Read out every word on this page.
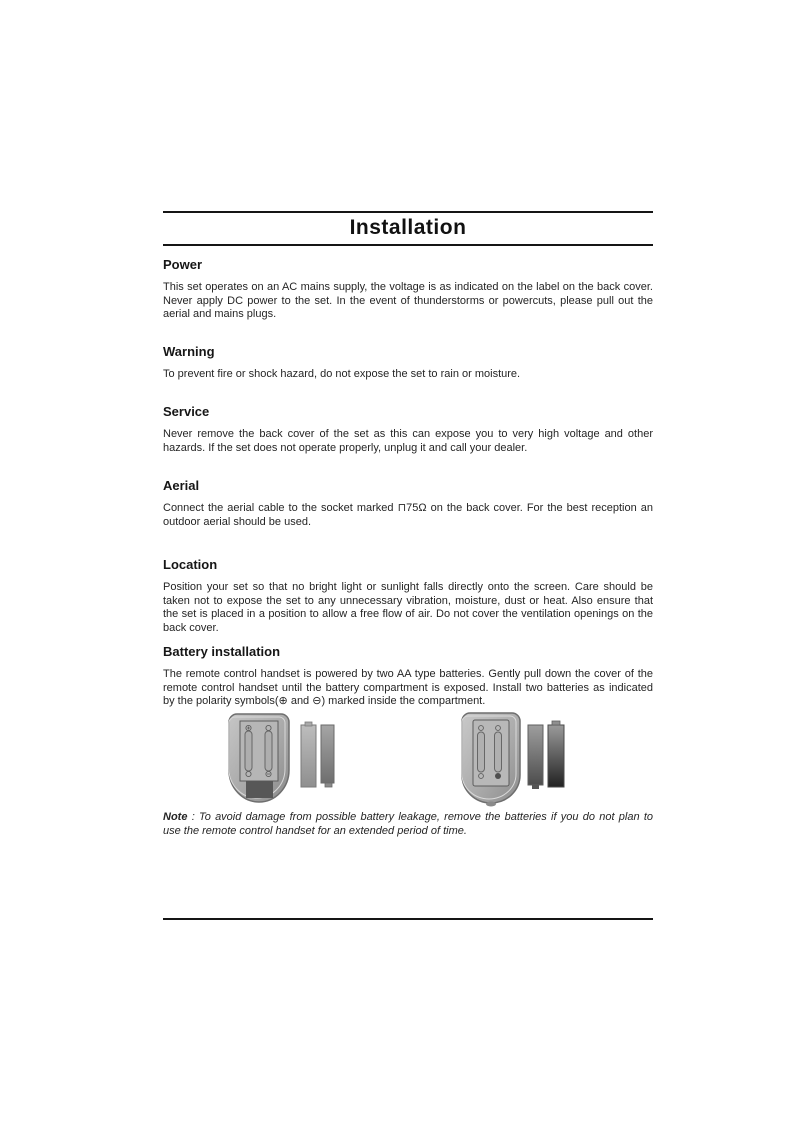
Installation
Power

This set operates on an AC mains supply, the voltage is as indicated on the label on the back cover. Never apply DC power to the set. In the event of thunderstorms or powercuts, please pull out the aerial and mains plugs.

Warning

To prevent fire or shock hazard, do not expose the set to rain or moisture.

Service

Never remove the back cover of the set as this can expose you to very high voltage and other hazards. If the set does not operate properly, unplug it and call your dealer.

Aerial

Connect the aerial cable to the socket marked ⊓75Ω on the back cover. For the best reception an outdoor aerial should be used.

Location

Position your set so that no bright light or sunlight falls directly onto the screen. Care should be taken not to expose the set to any unnecessary vibration, moisture, dust or heat. Also ensure that the set is placed in a position to allow a free flow of air. Do not cover the ventilation openings on the back cover.

Battery installation

The remote control handset is powered by two AA type batteries. Gently pull down the cover of the remote control handset until the battery compartment is exposed. Install two batteries as indicated by the polarity symbols(⊕ and ⊖) marked inside the compartment.

Note : To avoid damage from possible battery leakage, remove the batteries if you do not plan to use the remote control handset for an extended period of time.
